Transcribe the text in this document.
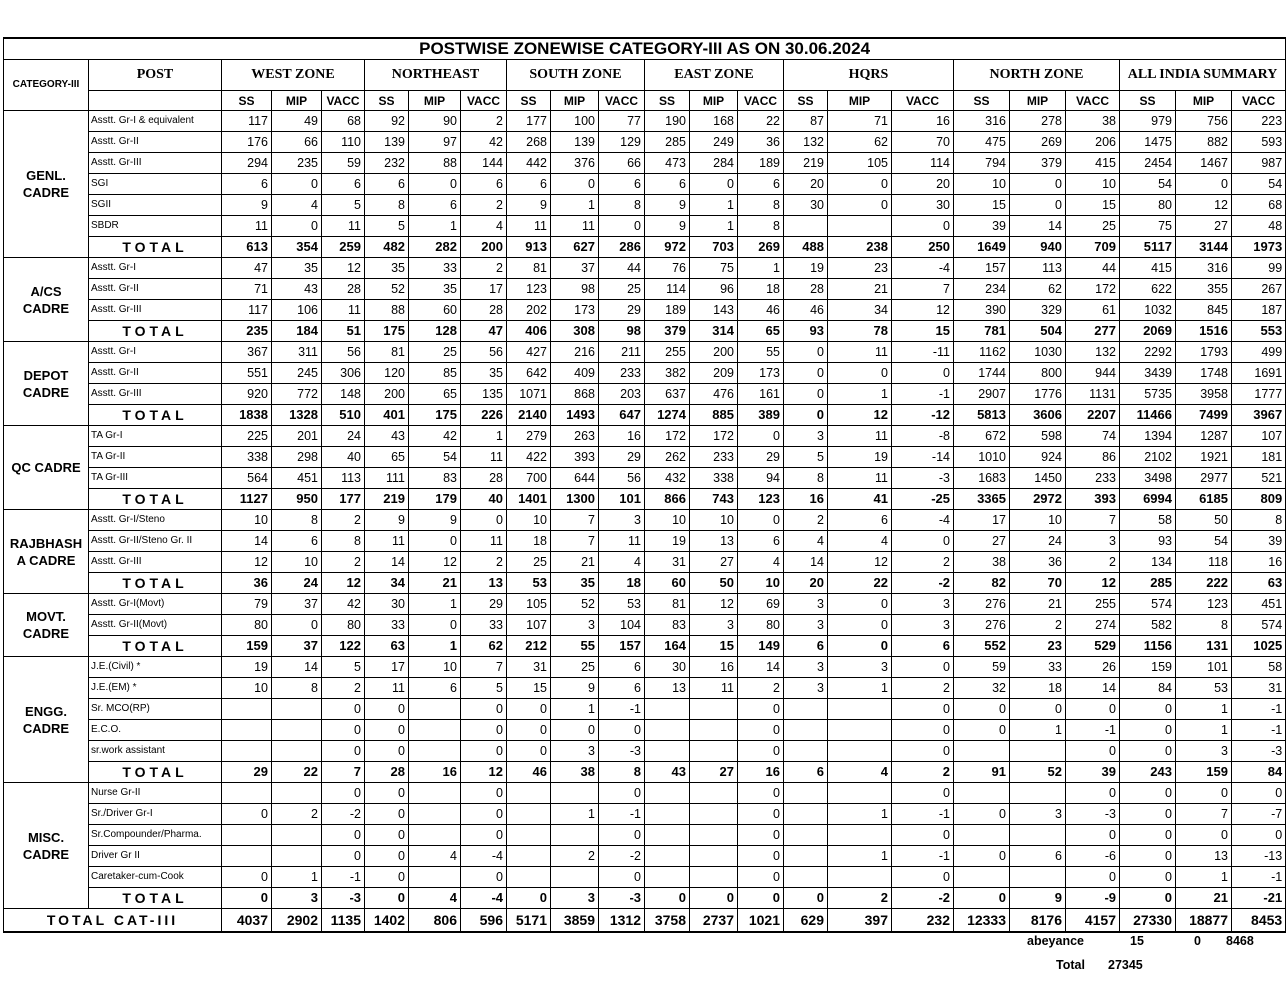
POSTWISE ZONEWISE CATEGORY-III AS ON 30.06.2024																						
CATEGORY-III	POST	WEST ZONE			NORTHEAST			SOUTH ZONE			EAST ZONE			HQRS			NORTH ZONE			ALL INDIA SUMMARY		
		SS	MIP	VACC	SS	MIP	VACC	SS	MIP	VACC	SS	MIP	VACC	SS	MIP	VACC	SS	MIP	VACC	SS	MIP	VACC
GENL. CADRE	Asstt. Gr-I & equivalent	117	49	68	92	90	2	177	100	77	190	168	22	87	71	16	316	278	38	979	756	223
	Asstt. Gr-II	176	66	110	139	97	42	268	139	129	285	249	36	132	62	70	475	269	206	1475	882	593
	Asstt. Gr-III	294	235	59	232	88	144	442	376	66	473	284	189	219	105	114	794	379	415	2454	1467	987
	SGI	6	0	6	6	0	6	6	0	6	6	0	6	20	0	20	10	0	10	54	0	54
	SGII	9	4	5	8	6	2	9	1	8	9	1	8	30	0	30	15	0	15	80	12	68
	SBDR	11	0	11	5	1	4	11	11	0	9	1	8			0	39	14	25	75	27	48
	TOTAL	613	354	259	482	282	200	913	627	286	972	703	269	488	238	250	1649	940	709	5117	3144	1973
A/CS CADRE	Asstt. Gr-I	47	35	12	35	33	2	81	37	44	76	75	1	19	23	-4	157	113	44	415	316	99
	Asstt. Gr-II	71	43	28	52	35	17	123	98	25	114	96	18	28	21	7	234	62	172	622	355	267
	Asstt. Gr-III	117	106	11	88	60	28	202	173	29	189	143	46	46	34	12	390	329	61	1032	845	187
	TOTAL	235	184	51	175	128	47	406	308	98	379	314	65	93	78	15	781	504	277	2069	1516	553
DEPOT CADRE	Asstt. Gr-I	367	311	56	81	25	56	427	216	211	255	200	55	0	11	-11	1162	1030	132	2292	1793	499
	Asstt. Gr-II	551	245	306	120	85	35	642	409	233	382	209	173	0	0	0	1744	800	944	3439	1748	1691
	Asstt. Gr-III	920	772	148	200	65	135	1071	868	203	637	476	161	0	1	-1	2907	1776	1131	5735	3958	1777
	TOTAL	1838	1328	510	401	175	226	2140	1493	647	1274	885	389	0	12	-12	5813	3606	2207	11466	7499	3967
QC CADRE	TA Gr-I	225	201	24	43	42	1	279	263	16	172	172	0	3	11	-8	672	598	74	1394	1287	107
	TA Gr-II	338	298	40	65	54	11	422	393	29	262	233	29	5	19	-14	1010	924	86	2102	1921	181
	TA Gr-III	564	451	113	111	83	28	700	644	56	432	338	94	8	11	-3	1683	1450	233	3498	2977	521
	TOTAL	1127	950	177	219	179	40	1401	1300	101	866	743	123	16	41	-25	3365	2972	393	6994	6185	809
RAJBHASH A CADRE	Asstt. Gr-I/Steno	10	8	2	9	9	0	10	7	3	10	10	0	2	6	-4	17	10	7	58	50	8
	Asstt. Gr-II/Steno Gr. II	14	6	8	11	0	11	18	7	11	19	13	6	4	4	0	27	24	3	93	54	39
	Asstt. Gr-III	12	10	2	14	12	2	25	21	4	31	27	4	14	12	2	38	36	2	134	118	16
	TOTAL	36	24	12	34	21	13	53	35	18	60	50	10	20	22	-2	82	70	12	285	222	63
MOVT. CADRE	Asstt. Gr-I(Movt)	79	37	42	30	1	29	105	52	53	81	12	69	3	0	3	276	21	255	574	123	451
	Asstt. Gr-II(Movt)	80	0	80	33	0	33	107	3	104	83	3	80	3	0	3	276	2	274	582	8	574
	TOTAL	159	37	122	63	1	62	212	55	157	164	15	149	6	0	6	552	23	529	1156	131	1025
ENGG. CADRE	J.E.(Civil) *	19	14	5	17	10	7	31	25	6	30	16	14	3	3	0	59	33	26	159	101	58
	J.E.(EM) *	10	8	2	11	6	5	15	9	6	13	11	2	3	1	2	32	18	14	84	53	31
	Sr. MCO(RP)			0	0		0	0	1	-1			0			0	0	0	0	0	1	-1
	E.C.O.			0	0		0	0	0	0			0			0	0	1	-1	0	1	-1
	sr.work assistant			0	0		0	0	3	-3			0			0			0	0	3	-3
	TOTAL	29	22	7	28	16	12	46	38	8	43	27	16	6	4	2	91	52	39	243	159	84
MISC. CADRE	Nurse Gr-II			0	0		0			0			0			0			0	0	0	0
	Sr./Driver Gr-I	0	2	-2	0		0		1	-1			0		1	-1	0	3	-3	0	7	-7
	Sr.Compounder/Pharma.			0	0		0			0			0			0			0	0	0	0
	Driver Gr II			0	0	4	-4		2	-2			0		1	-1	0	6	-6	0	13	-13
	Caretaker-cum-Cook	0	1	-1	0		0			0			0			0			0	0	1	-1
	TOTAL	0	3	-3	0	4	-4	0	3	-3	0	0	0	0	2	-2	0	9	-9	0	21	-21
TOTAL CAT-III		4037	2902	1135	1402	806	596	5171	3859	1312	3758	2737	1021	629	397	232	12333	8176	4157	27330	18877	8453
abeyance	15	0 8468
Total 27345
